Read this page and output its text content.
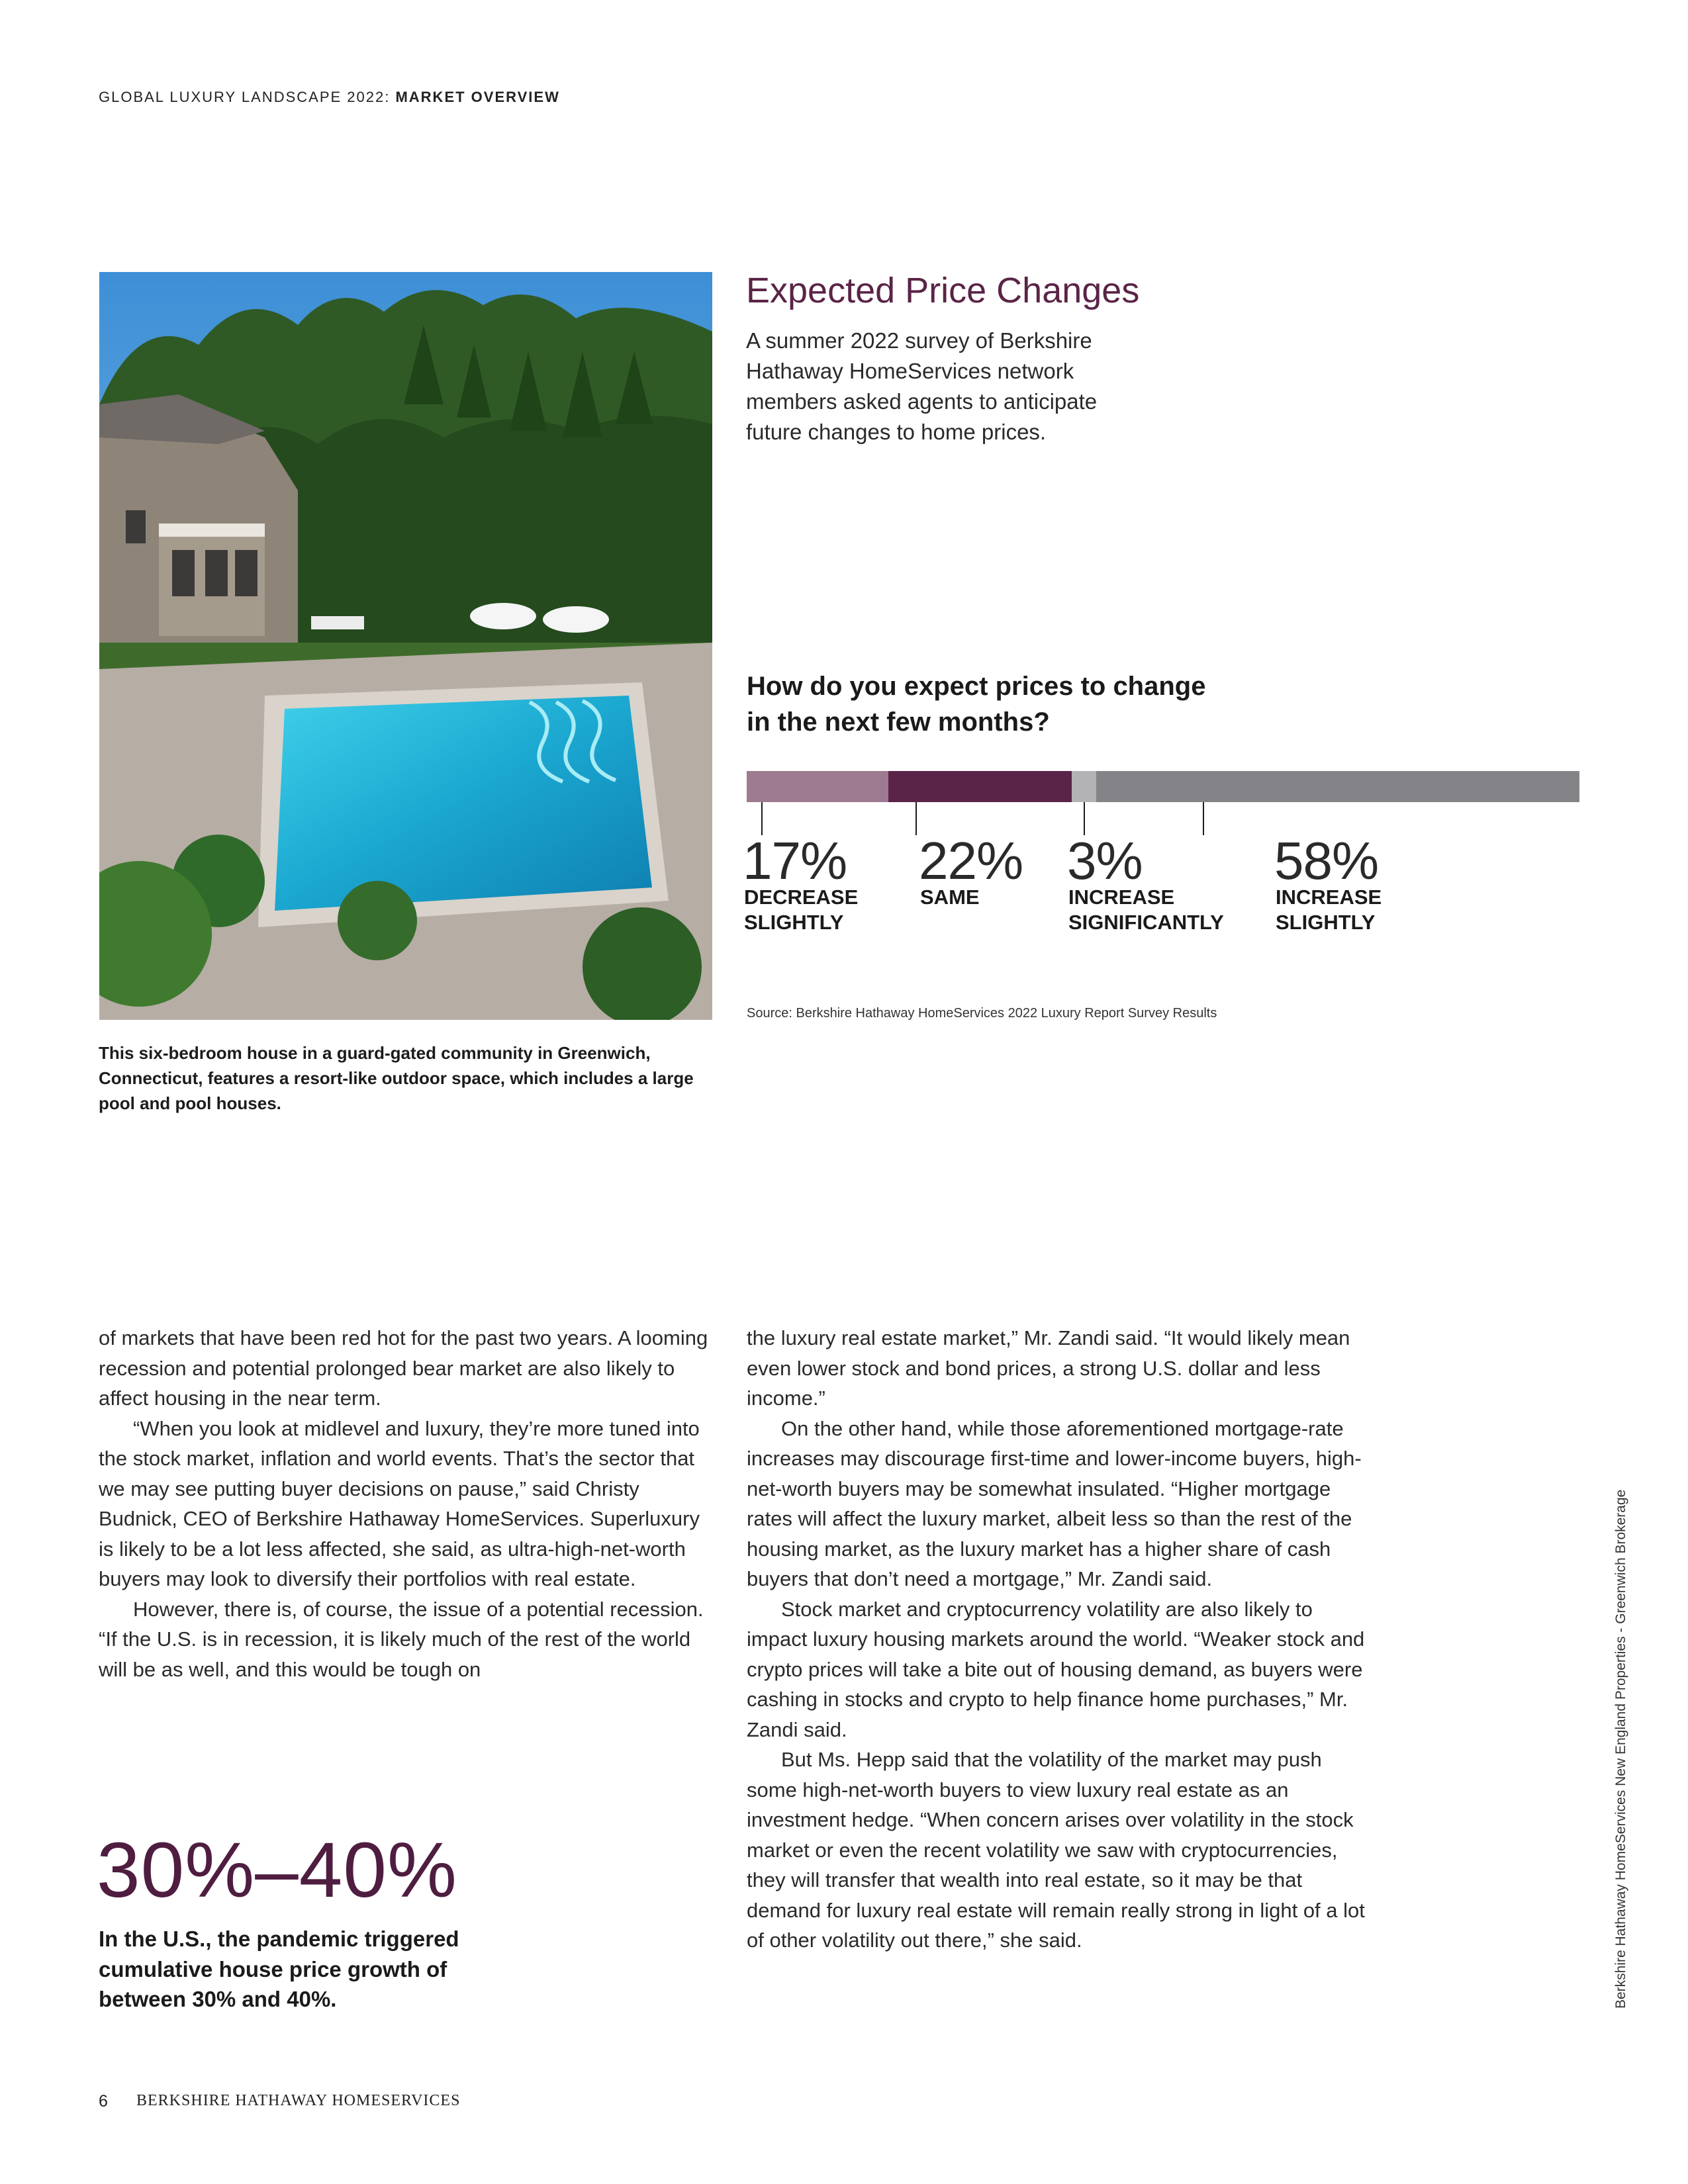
GLOBAL LUXURY LANDSCAPE 2022: MARKET OVERVIEW
This six-bedroom house in a guard-gated community in Greenwich, Connecticut, features a resort-like outdoor space, which includes a large pool and pool houses.
Expected Price Changes
A summer 2022 survey of Berkshire Hathaway HomeServices network members asked agents to anticipate future changes to home prices.
How do you expect prices to change in the next few months?
17%
DECREASE
SLIGHTLY
22%
SAME
3%
INCREASE
SIGNIFICANTLY
58%
INCREASE
SLIGHTLY
Source: Berkshire Hathaway HomeServices 2022 Luxury Report Survey Results

of markets that have been red hot for the past two years. A looming recession and potential prolonged bear market are also likely to affect housing in the near term.

“When you look at midlevel and luxury, they’re more tuned into the stock market, inflation and world events. That’s the sector that we may see putting buyer decisions on pause,” said Christy Budnick, CEO of Berkshire Hathaway HomeServices. Superluxury is likely to be a lot less affected, she said, as ultra-high-net-worth buyers may look to diversify their portfolios with real estate.

However, there is, of course, the issue of a potential recession. “If the U.S. is in recession, it is likely much of the rest of the world will be as well, and this would be tough on

the luxury real estate market,” Mr. Zandi said. “It would likely mean even lower stock and bond prices, a strong U.S. dollar and less income.”

On the other hand, while those aforementioned mortgage-rate increases may discourage first-time and lower-income buyers, high-net-worth buyers may be somewhat insulated. “Higher mortgage rates will affect the luxury market, albeit less so than the rest of the housing market, as the luxury market has a higher share of cash buyers that don’t need a mortgage,” Mr. Zandi said.

Stock market and cryptocurrency volatility are also likely to impact luxury housing markets around the world. “Weaker stock and crypto prices will take a bite out of housing demand, as buyers were cashing in stocks and crypto to help finance home purchases,” Mr. Zandi said.

But Ms. Hepp said that the volatility of the market may push some high-net-worth buyers to view luxury real estate as an investment hedge. “When concern arises over volatility in the stock market or even the recent volatility we saw with cryptocurrencies, they will transfer that wealth into real estate, so it may be that demand for luxury real estate will remain really strong in light of a lot of other volatility out there,” she said.

30%–40%
In the U.S., the pandemic triggered cumulative house price growth of between 30% and 40%.	Berkshire Hathaway HomeServices New England Properties - Greenwich Brokerage
6 BERKSHIRE HATHAWAY HOMESERVICES
